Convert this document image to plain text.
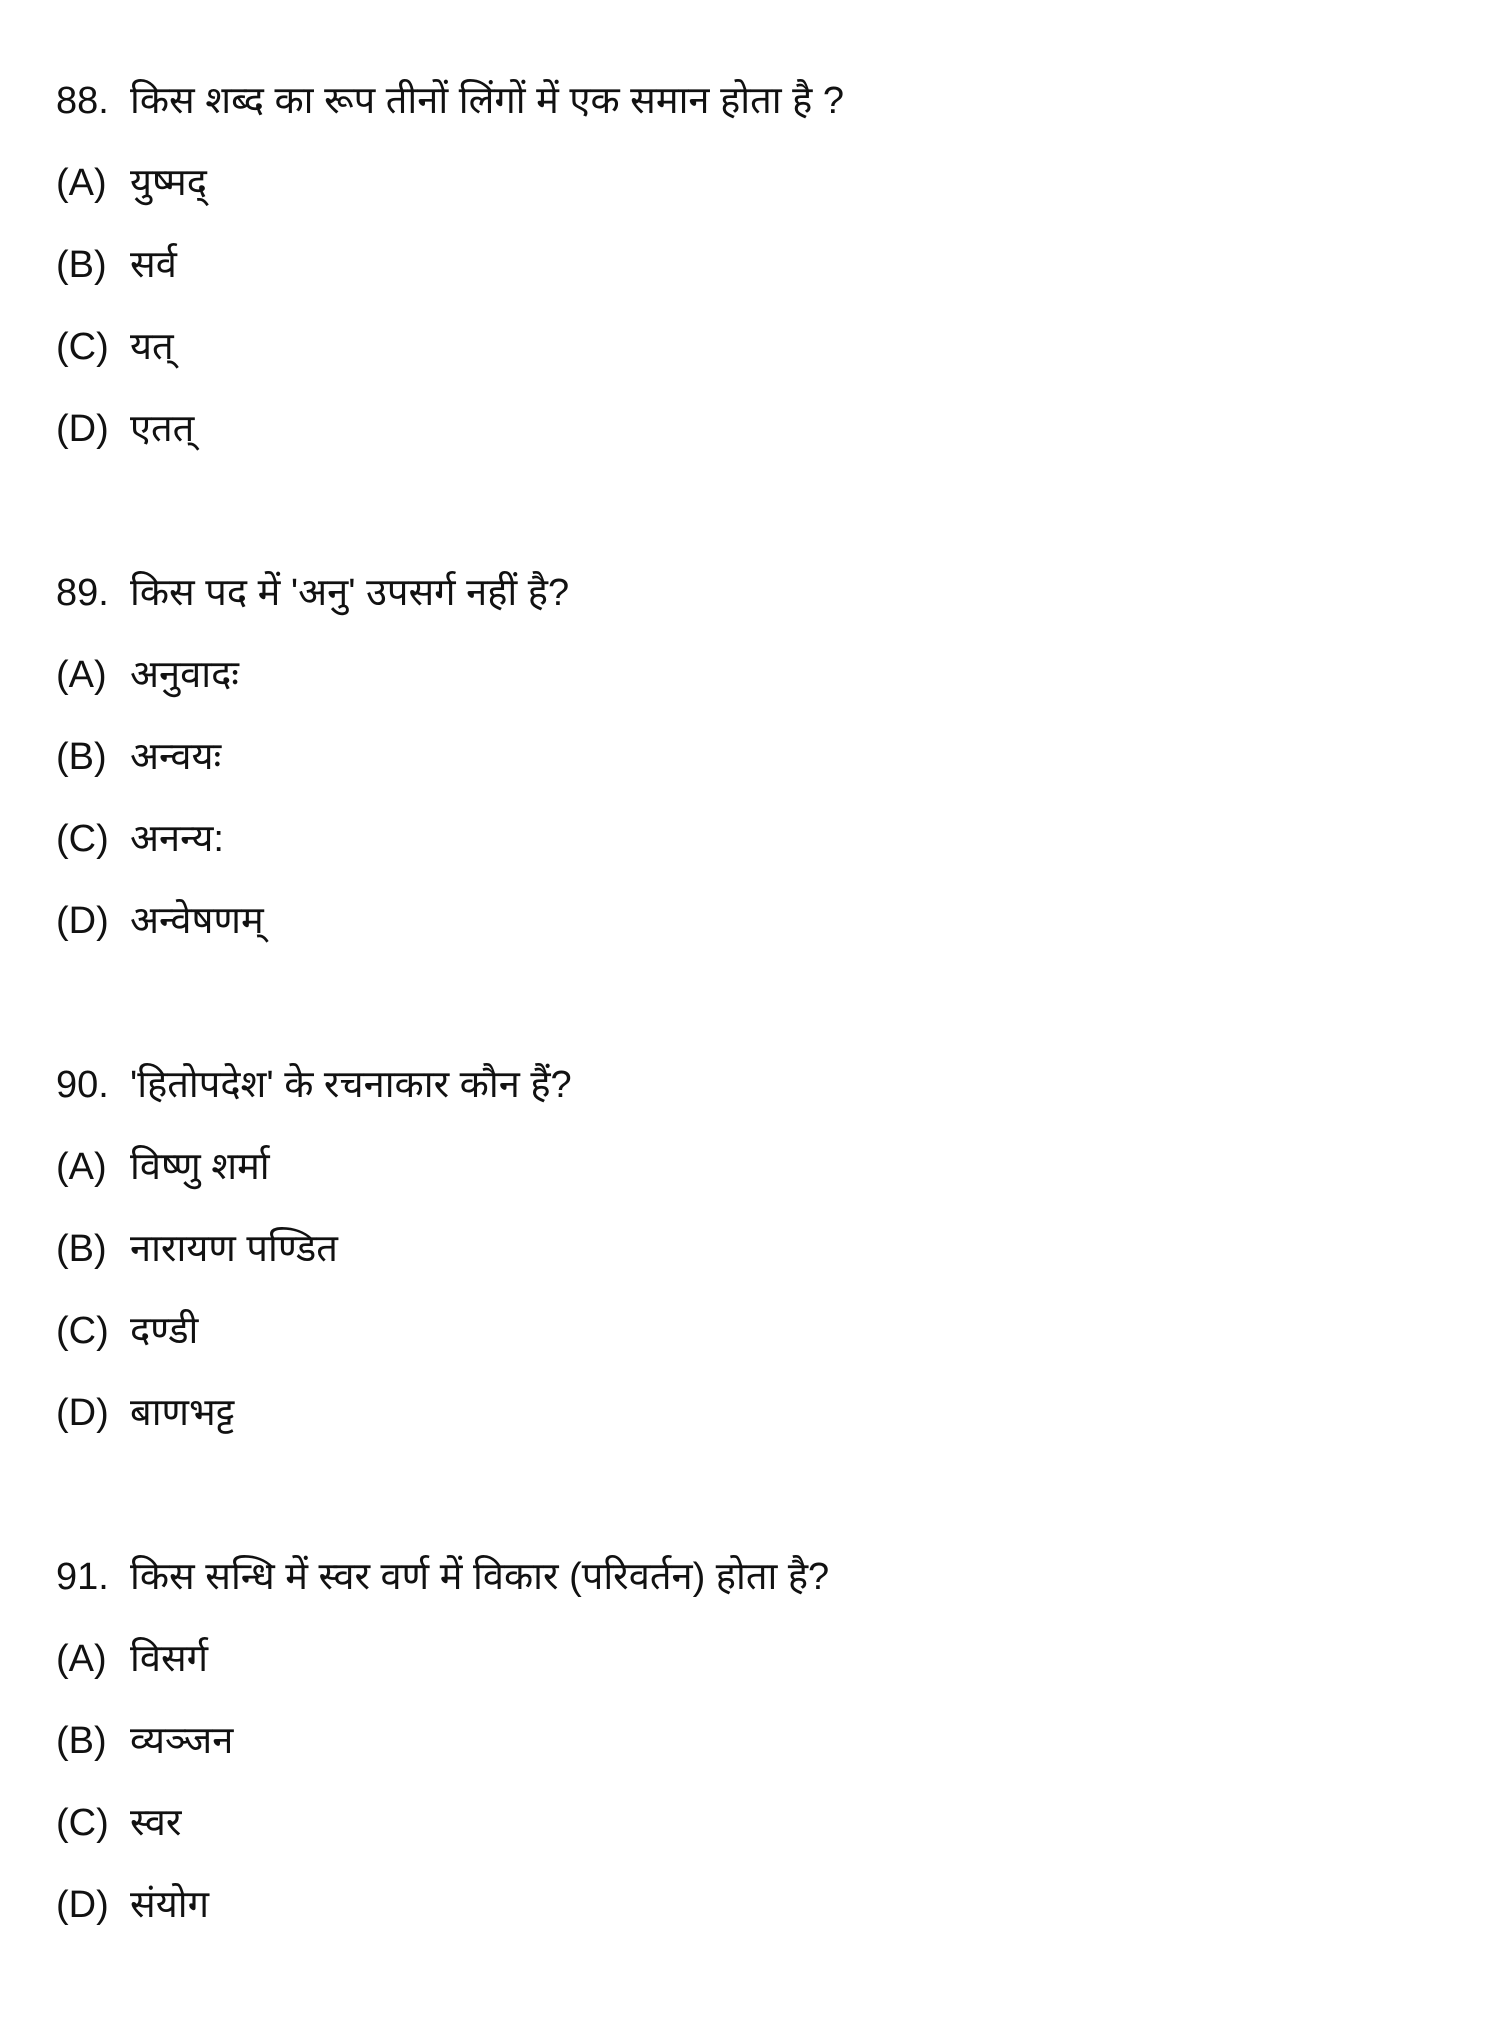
88. किस शब्द का रूप तीनों लिंगों में एक समान होता है ?
(A) युष्मद्
(B) सर्व
(C) यत्
(D) एतत्
89. किस पद में 'अनु' उपसर्ग नहीं है?
(A) अनुवादः
(B) अन्वयः
(C) अनन्य:
(D) अन्वेषणम्
90. 'हितोपदेश' के रचनाकार कौन हैं?
(A) विष्णु शर्मा
(B) नारायण पण्डित
(C) दण्डी
(D) बाणभट्ट
91. किस सन्धि में स्वर वर्ण में विकार (परिवर्तन) होता है?
(A) विसर्ग
(B) व्यञ्जन
(C) स्वर
(D) संयोग
